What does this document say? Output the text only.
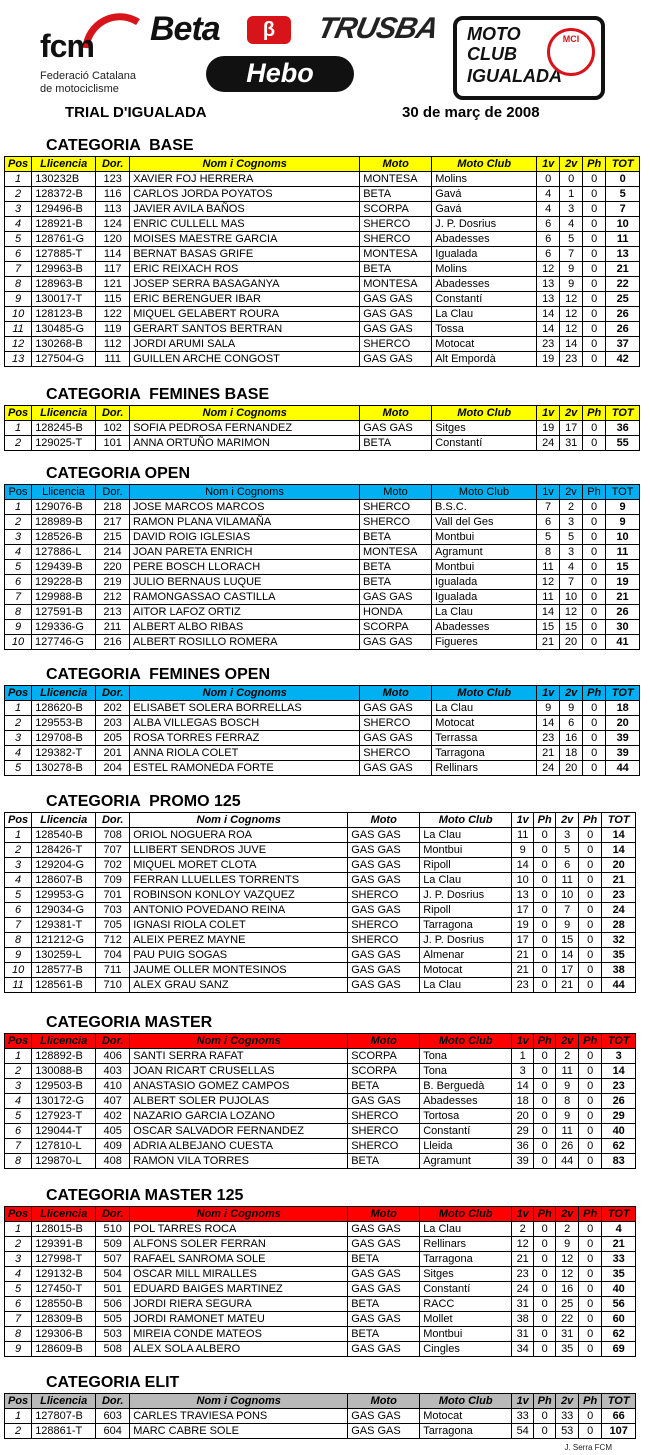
fcm
Federació Catalana
de motociclisme
Beta	β	TRUSBA
Hebo
MOTO
CLUB
IGUALADA
MCI
TRIAL D'IGUALADA	30 de març de 2008
CATEGORIA  BASE
Pos	Llicencia	Dor.	Nom i Cognoms	Moto	Moto Club	1v	2v	Ph	TOT
1	130232B	123	XAVIER FOJ HERRERA	MONTESA	Molins	0	0	0	0
2	128372-B	116	CARLOS JORDA POYATOS	BETA	Gavá	4	1	0	5
3	129496-B	113	JAVIER AVILA BAÑOS	SCORPA	Gavá	4	3	0	7
4	128921-B	124	ENRIC CULLELL MAS	SHERCO	J. P. Dosrius	6	4	0	10
5	128761-G	120	MOISES MAESTRE GARCIA	SHERCO	Abadesses	6	5	0	11
6	127885-T	114	BERNAT BASAS GRIFE	MONTESA	Igualada	6	7	0	13
7	129963-B	117	ERIC REIXACH ROS	BETA	Molins	12	9	0	21
8	128963-B	121	JOSEP SERRA BASAGANYA	MONTESA	Abadesses	13	9	0	22
9	130017-T	115	ERIC BERENGUER IBAR	GAS GAS	Constantí	13	12	0	25
10	128123-B	122	MIQUEL GELABERT ROURA	GAS GAS	La Clau	14	12	0	26
11	130485-G	119	GERART SANTOS BERTRAN	GAS GAS	Tossa	14	12	0	26
12	130268-B	112	JORDI ARUMI SALA	SHERCO	Motocat	23	14	0	37
13	127504-G	111	GUILLEN ARCHE CONGOST	GAS GAS	Alt Empordà	19	23	0	42
CATEGORIA  FEMINES BASE
Pos	Llicencia	Dor.	Nom i Cognoms	Moto	Moto Club	1v	2v	Ph	TOT
1	128245-B	102	SOFIA PEDROSA FERNANDEZ	GAS GAS	Sitges	19	17	0	36
2	129025-T	101	ANNA ORTUÑO MARIMON	BETA	Constantí	24	31	0	55
CATEGORIA OPEN
Pos	Llicencia	Dor.	Nom i Cognoms	Moto	Moto Club	1v	2v	Ph	TOT
1	129076-B	218	JOSE MARCOS MARCOS	SHERCO	B.S.C.	7	2	0	9
2	128989-B	217	RAMON PLANA VILAMAÑA	SHERCO	Vall del Ges	6	3	0	9
3	128526-B	215	DAVID ROIG IGLESIAS	BETA	Montbui	5	5	0	10
4	127886-L	214	JOAN PARETA ENRICH	MONTESA	Agramunt	8	3	0	11
5	129439-B	220	PERE BOSCH LLORACH	BETA	Montbui	11	4	0	15
6	129228-B	219	JULIO BERNAUS LUQUE	BETA	Igualada	12	7	0	19
7	129988-B	212	RAMONGASSAO CASTILLA	GAS GAS	Igualada	11	10	0	21
8	127591-B	213	AITOR LAFOZ ORTIZ	HONDA	La Clau	14	12	0	26
9	129336-G	211	ALBERT ALBO RIBAS	SCORPA	Abadesses	15	15	0	30
10	127746-G	216	ALBERT ROSILLO ROMERA	GAS GAS	Figueres	21	20	0	41
CATEGORIA  FEMINES OPEN
Pos	Llicencia	Dor.	Nom i Cognoms	Moto	Moto Club	1v	2v	Ph	TOT
1	128620-B	202	ELISABET SOLERA BORRELLAS	GAS GAS	La Clau	9	9	0	18
2	129553-B	203	ALBA VILLEGAS BOSCH	SHERCO	Motocat	14	6	0	20
3	129708-B	205	ROSA TORRES FERRAZ	GAS GAS	Terrassa	23	16	0	39
4	129382-T	201	ANNA RIOLA COLET	SHERCO	Tarragona	21	18	0	39
5	130278-B	204	ESTEL RAMONEDA FORTE	GAS GAS	Rellinars	24	20	0	44
CATEGORIA  PROMO 125
Pos	Llicencia	Dor.	Nom i Cognoms	Moto	Moto Club	1v	Ph	2v	Ph	TOT
1	128540-B	708	ORIOL NOGUERA ROA	GAS GAS	La Clau	11	0	3	0	14
2	128426-T	707	LLIBERT SENDROS JUVE	GAS GAS	Montbui	9	0	5	0	14
3	129204-G	702	MIQUEL MORET CLOTA	GAS GAS	Ripoll	14	0	6	0	20
4	128607-B	709	FERRAN LLUELLES TORRENTS	GAS GAS	La Clau	10	0	11	0	21
5	129953-G	701	ROBINSON KONLOY VAZQUEZ	SHERCO	J. P. Dosrius	13	0	10	0	23
6	129034-G	703	ANTONIO POVEDANO REINA	GAS GAS	Ripoll	17	0	7	0	24
7	129381-T	705	IGNASI RIOLA COLET	SHERCO	Tarragona	19	0	9	0	28
8	121212-G	712	ALEIX PEREZ MAYNE	SHERCO	J. P. Dosrius	17	0	15	0	32
9	130259-L	704	PAU PUIG SOGAS	GAS GAS	Almenar	21	0	14	0	35
10	128577-B	711	JAUME OLLER MONTESINOS	GAS GAS	Motocat	21	0	17	0	38
11	128561-B	710	ALEX GRAU SANZ	GAS GAS	La Clau	23	0	21	0	44
CATEGORIA MASTER
Pos	Llicencia	Dor.	Nom i Cognoms	Moto	Moto Club	1v	Ph	2v	Ph	TOT
1	128892-B	406	SANTI SERRA RAFAT	SCORPA	Tona	1	0	2	0	3
2	130088-B	403	JOAN RICART CRUSELLAS	SCORPA	Tona	3	0	11	0	14
3	129503-B	410	ANASTASIO GOMEZ CAMPOS	BETA	B. Berguedà	14	0	9	0	23
4	130172-G	407	ALBERT SOLER PUJOLAS	GAS GAS	Abadesses	18	0	8	0	26
5	127923-T	402	NAZARIO GARCIA LOZANO	SHERCO	Tortosa	20	0	9	0	29
6	129044-T	405	OSCAR SALVADOR FERNANDEZ	SHERCO	Constantí	29	0	11	0	40
7	127810-L	409	ADRIA ALBEJANO CUESTA	SHERCO	Lleida	36	0	26	0	62
8	129870-L	408	RAMON VILA TORRES	BETA	Agramunt	39	0	44	0	83
CATEGORIA MASTER 125
Pos	Llicencia	Dor.	Nom i Cognoms	Moto	Moto Club	1v	Ph	2v	Ph	TOT
1	128015-B	510	POL TARRES ROCA	GAS GAS	La Clau	2	0	2	0	4
2	129391-B	509	ALFONS SOLER FERRAN	GAS GAS	Rellinars	12	0	9	0	21
3	127998-T	507	RAFAEL SANROMA SOLE	BETA	Tarragona	21	0	12	0	33
4	129132-B	504	OSCAR MILL MIRALLES	GAS GAS	Sitges	23	0	12	0	35
5	127450-T	501	EDUARD BAIGES MARTINEZ	GAS GAS	Constantí	24	0	16	0	40
6	128550-B	506	JORDI RIERA SEGURA	BETA	RACC	31	0	25	0	56
7	128309-B	505	JORDI RAMONET MATEU	GAS GAS	Mollet	38	0	22	0	60
8	129306-B	503	MIREIA CONDE MATEOS	BETA	Montbui	31	0	31	0	62
9	128609-B	508	ALEX SOLA ALBERO	GAS GAS	Cingles	34	0	35	0	69
CATEGORIA ELIT
Pos	Llicencia	Dor.	Nom i Cognoms	Moto	Moto Club	1v	Ph	2v	Ph	TOT
1	127807-B	603	CARLES TRAVIESA PONS	GAS GAS	Motocat	33	0	33	0	66
2	128861-T	604	MARC CABRE SOLE	GAS GAS	Tarragona	54	0	53	0	107
J. Serra FCM
